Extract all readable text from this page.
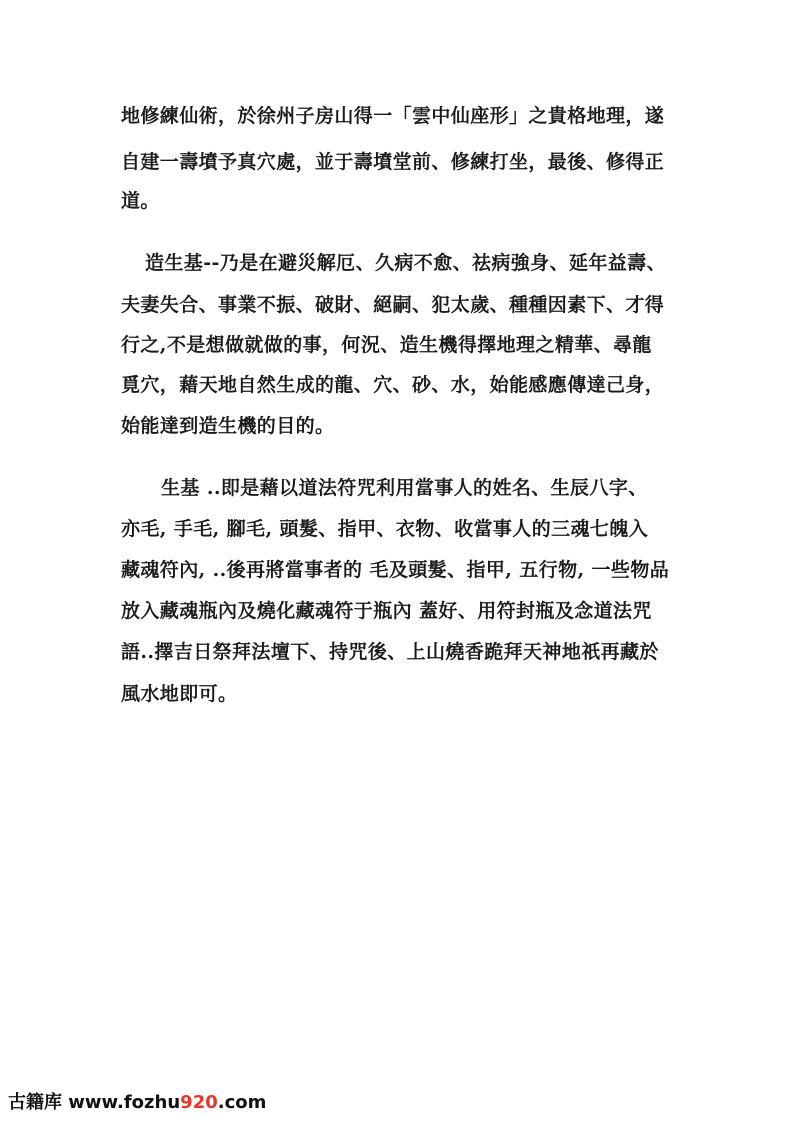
地修練仙術，於徐州子房山得一「雲中仙座形」之貴格地理，遂
自建一壽墳予真穴處，並于壽墳堂前、修練打坐，最後、修得正
道。
造生基--乃是在避災解厄、久病不愈、祛病強身、延年益壽、
夫妻失合、事業不振、破財、絕嗣、犯太歲、種種因素下、才得
行之,不是想做就做的事，何況、造生機得擇地理之精華、尋龍
覓穴，藉天地自然生成的龍、穴、砂、水，始能感應傳達己身，
始能達到造生機的目的。
生基 ..即是藉以道法符咒利用當事人的姓名、生辰八字、
亦毛, 手毛, 腳毛, 頭髮、指甲、衣物、收當事人的三魂七魄入
藏魂符內, ..後再將當事者的 毛及頭髮、指甲, 五行物, 一些物品
放入藏魂瓶內及燒化藏魂符于瓶內 蓋好、用符封瓶及念道法咒
語..擇吉日祭拜法壇下、持咒後、上山燒香跪拜天神地祇再藏於
風水地即可。
古籍库 www.fozhu920.com
